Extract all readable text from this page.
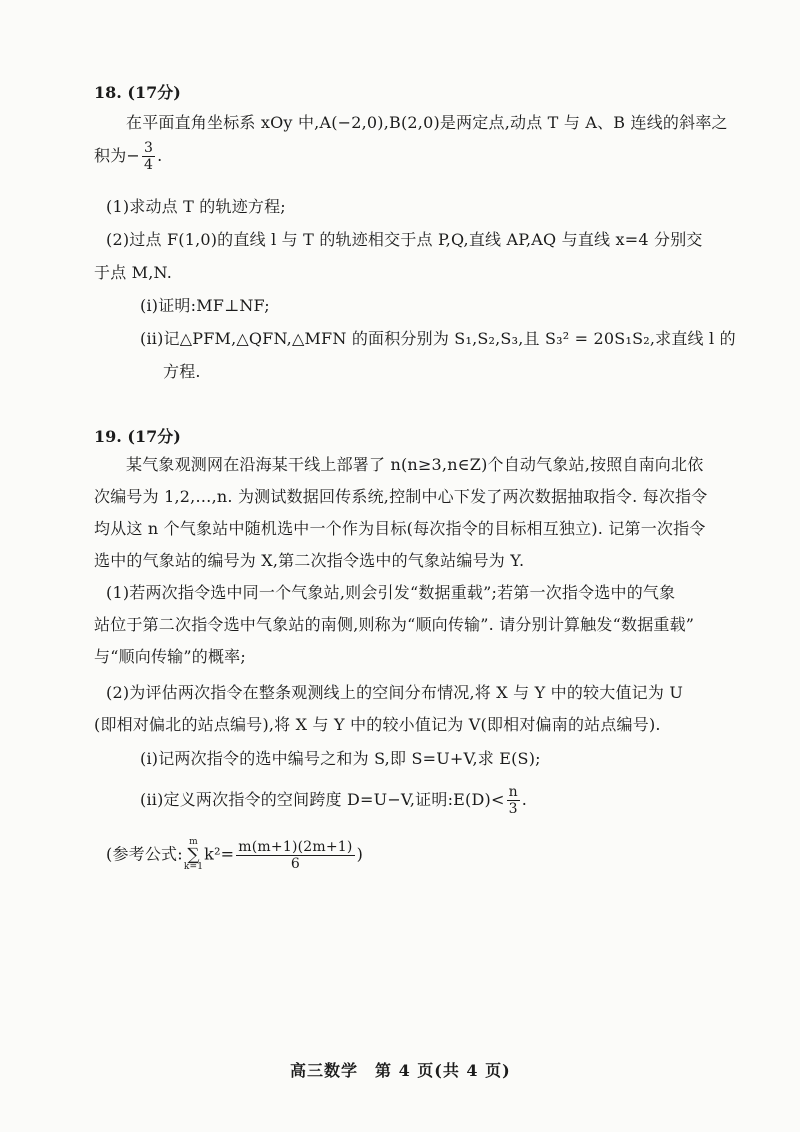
18. (17分)
在平面直角坐标系 xOy 中,A(−2,0),B(2,0)是两定点,动点 T 与 A、B 连线的斜率之
积为− $\frac{3}{4}$ .
(1)求动点 T 的轨迹方程;
(2)过点 F(1,0)的直线 l 与 T 的轨迹相交于点 P,Q,直线 AP,AQ 与直线 x=4 分别交
于点 M,N.
(i)证明:MF⊥NF;
(ii)记△PFM,△QFN,△MFN 的面积分别为 S₁,S₂,S₃,且 S₃² = 20S₁S₂,求直线 l 的
方程.
19. (17分)
某气象观测网在沿海某干线上部署了 n(n≥3,n∈Z)个自动气象站,按照自南向北依
次编号为 1,2,…,n. 为测试数据回传系统,控制中心下发了两次数据抽取指令. 每次指令
均从这 n 个气象站中随机选中一个作为目标(每次指令的目标相互独立). 记第一次指令
选中的气象站的编号为 X,第二次指令选中的气象站编号为 Y.
(1)若两次指令选中同一个气象站,则会引发“数据重载”;若第一次指令选中的气象
站位于第二次指令选中气象站的南侧,则称为“顺向传输”. 请分别计算触发“数据重载”
与“顺向传输”的概率;
(2)为评估两次指令在整条观测线上的空间分布情况,将 X 与 Y 中的较大值记为 U
(即相对偏北的站点编号),将 X 与 Y 中的较小值记为 V(即相对偏南的站点编号).
(i)记两次指令的选中编号之和为 S,即 S=U+V,求 E(S);
(ii)定义两次指令的空间跨度 D=U−V,证明:E(D)< $\frac{n}{3}$ .
(参考公式:
m
∑
k=1
$k^2= \frac{m(m+1)(2m+1)}{6}$ )
高三数学　第 4 页(共 4 页)
